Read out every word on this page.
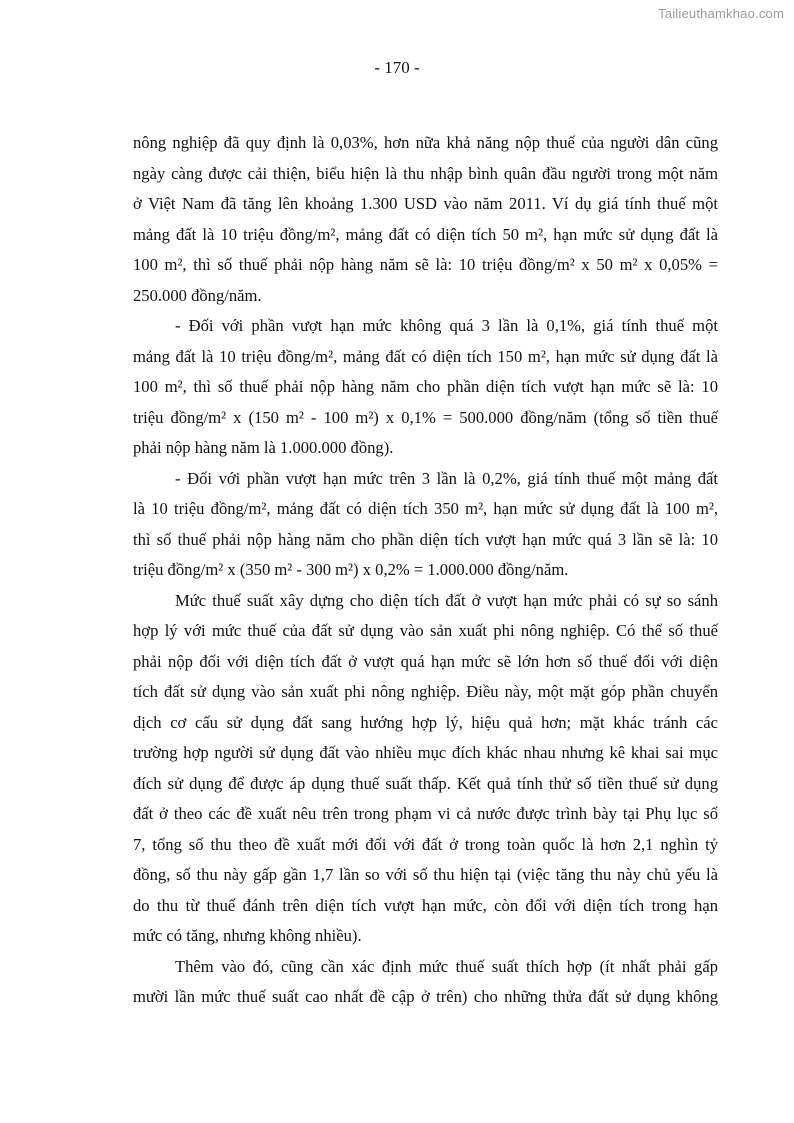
Tailieuthamkhao.com
- 170 -
nông nghiệp đã quy định là 0,03%, hơn nữa khả năng nộp thuế của người dân cũng
ngày càng được cải thiện, biểu hiện là thu nhập bình quân đầu người trong một năm
ở Việt Nam đã tăng lên khoảng 1.300 USD vào năm 2011. Ví dụ giá tính thuế một
mảng đất là 10 triệu đồng/m², mảng đất có diện tích 50 m², hạn mức sử dụng đất là
100 m², thì số thuế phải nộp hàng năm sẽ là: 10 triệu đồng/m² x 50 m² x 0,05% =
250.000 đồng/năm.
- Đối với phần vượt hạn mức không quá 3 lần là 0,1%, giá tính thuế một
mảng đất là 10 triệu đồng/m², mảng đất có diện tích 150 m², hạn mức sử dụng đất là
100 m², thì số thuế phải nộp hàng năm cho phần diện tích vượt hạn mức sẽ là: 10
triệu đồng/m² x (150 m² - 100 m²) x 0,1% = 500.000 đồng/năm (tổng số tiền thuế
phải nộp hàng năm là 1.000.000 đồng).
- Đối với phần vượt hạn mức trên 3 lần là 0,2%, giá tính thuế một mảng đất
là 10 triệu đồng/m², mảng đất có diện tích 350 m², hạn mức sử dụng đất là 100 m²,
thì số thuế phải nộp hàng năm cho phần diện tích vượt hạn mức quá 3 lần sẽ là: 10
triệu đồng/m² x (350 m² - 300 m²) x 0,2% = 1.000.000 đồng/năm.
Mức thuế suất xây dựng cho diện tích đất ở vượt hạn mức phải có sự so sánh
hợp lý với mức thuế của đất sử dụng vào sản xuất phi nông nghiệp. Có thể số thuế
phải nộp đối với diện tích đất ở vượt quá hạn mức sẽ lớn hơn số thuế đối với diện
tích đất sử dụng vào sản xuất phi nông nghiệp. Điều này, một mặt góp phần chuyển
dịch cơ cấu sử dụng đất sang hướng hợp lý, hiệu quả hơn; mặt khác tránh các
trường hợp người sử dụng đất vào nhiều mục đích khác nhau nhưng kê khai sai mục
đích sử dụng để được áp dụng thuế suất thấp. Kết quả tính thử số tiền thuế sử dụng
đất ở theo các đề xuất nêu trên trong phạm vi cả nước được trình bày tại Phụ lục số
7, tổng số thu theo đề xuất mới đối với đất ở trong toàn quốc là hơn 2,1 nghìn tỷ
đồng, số thu này gấp gần 1,7 lần so với số thu hiện tại (việc tăng thu này chủ yếu là
do thu từ thuế đánh trên diện tích vượt hạn mức, còn đối với diện tích trong hạn
mức có tăng, nhưng không nhiều).
Thêm vào đó, cũng cần xác định mức thuế suất thích hợp (ít nhất phải gấp
mười lần mức thuế suất cao nhất đề cập ở trên) cho những thửa đất sử dụng không
